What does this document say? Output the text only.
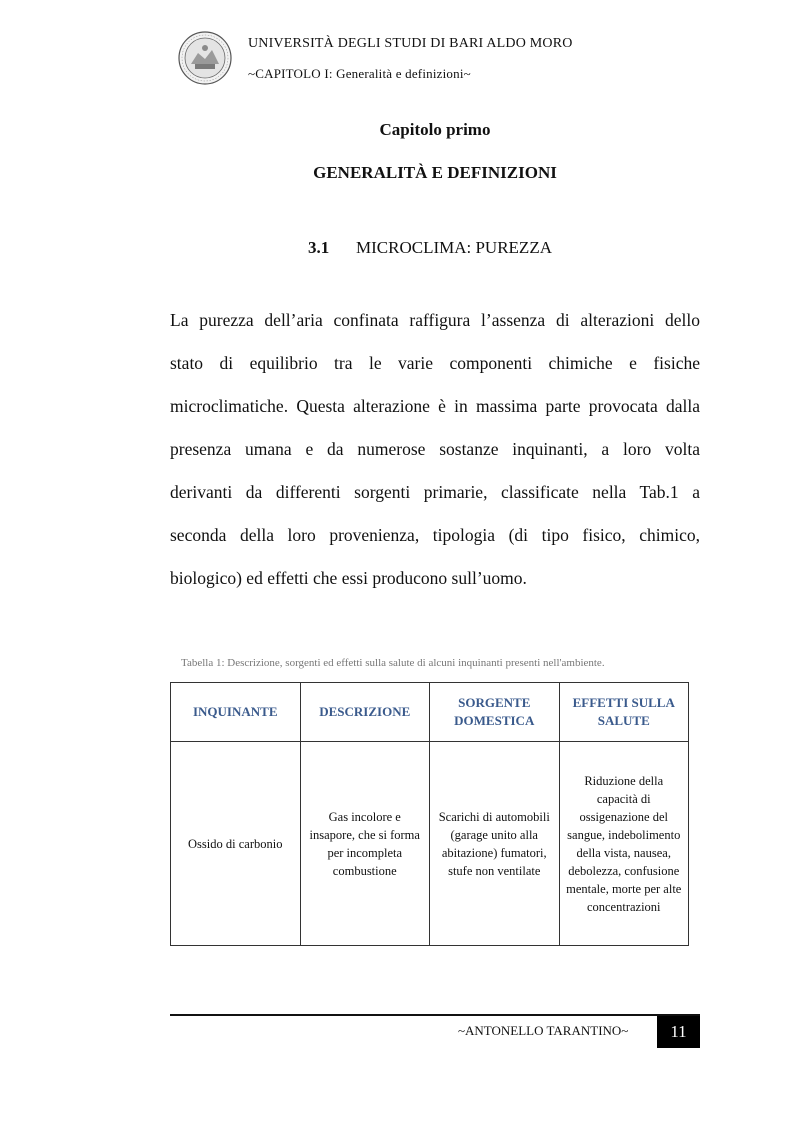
UNIVERSITÀ DEGLI STUDI DI BARI ALDO MORO
~CAPITOLO I: Generalità e definizioni~
Capitolo primo
GENERALITÀ E DEFINIZIONI
3.1 MICROCLIMA: PUREZZA
La purezza dell’aria confinata raffigura l’assenza di alterazioni dello
stato di equilibrio tra le varie componenti chimiche e fisiche
microclimatiche. Questa alterazione è in massima parte provocata dalla
presenza umana e da numerose sostanze inquinanti, a loro volta
derivanti da differenti sorgenti primarie, classificate nella Tab.1 a
seconda della loro provenienza, tipologia (di tipo fisico, chimico,
biologico) ed effetti che essi producono sull’uomo.
Tabella 1: Descrizione, sorgenti ed effetti sulla salute di alcuni inquinanti presenti nell'ambiente.
INQUINANTE	DESCRIZIONE	SORGENTE DOMESTICA	EFFETTI SULLA SALUTE
Ossido di carbonio	Gas incolore e insapore, che si forma per incompleta combustione	Scarichi di automobili (garage unito alla abitazione) fumatori, stufe non ventilate	Riduzione della capacità di ossigenazione del sangue, indebolimento della vista, nausea, debolezza, confusione mentale, morte per alte concentrazioni
~ANTONELLO TARANTINO~	11
